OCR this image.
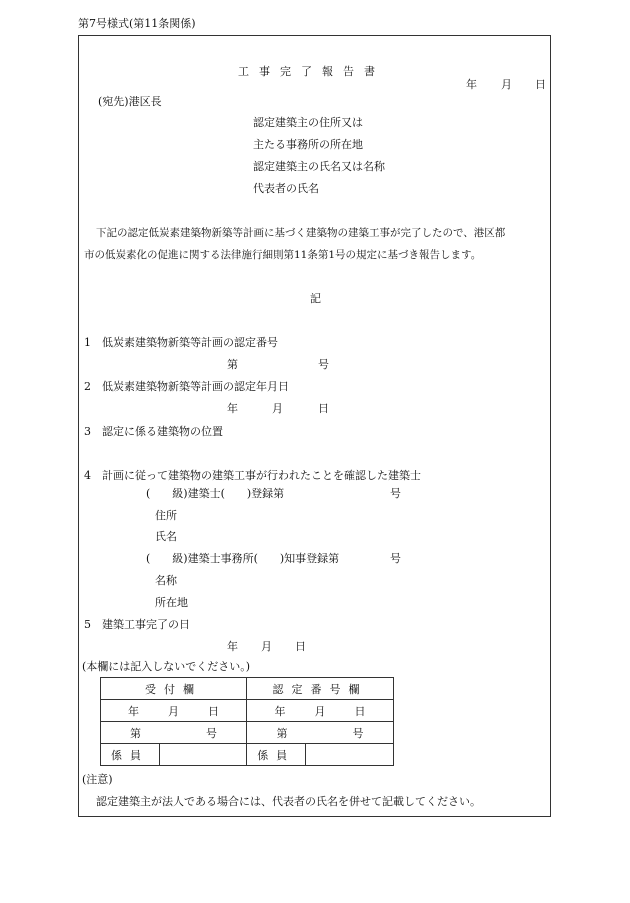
第7号様式(第11条関係)
工事完了報告書
年 月 日
(宛先)港区長
認定建築主の住所又は
主たる事務所の所在地
認定建築主の氏名又は名称
代表者の氏名
下記の認定低炭素建築物新築等計画に基づく建築物の建築工事が完了したので、港区都
市の低炭素化の促進に関する法律施行細則第11条第1号の規定に基づき報告します。
記
1 低炭素建築物新築等計画の認定番号
第	号
2 低炭素建築物新築等計画の認定年月日
年	月	日
3 認定に係る建築物の位置
4 計画に従って建築物の建築工事が行われたことを確認した建築士
(　　級)建築士(　　)登録第	号
住所
氏名
(　　級)建築士事務所(　　)知事登録第	号
名称
所在地
5 建築工事完了の日
年 月 日
(本欄には記入しないでください。)
受付欄		認定番号欄	
年 月 日		年 月 日	
第 号		第 号	
係員		係員	
(注意)
認定建築主が法人である場合には、代表者の氏名を併せて記載してください。
